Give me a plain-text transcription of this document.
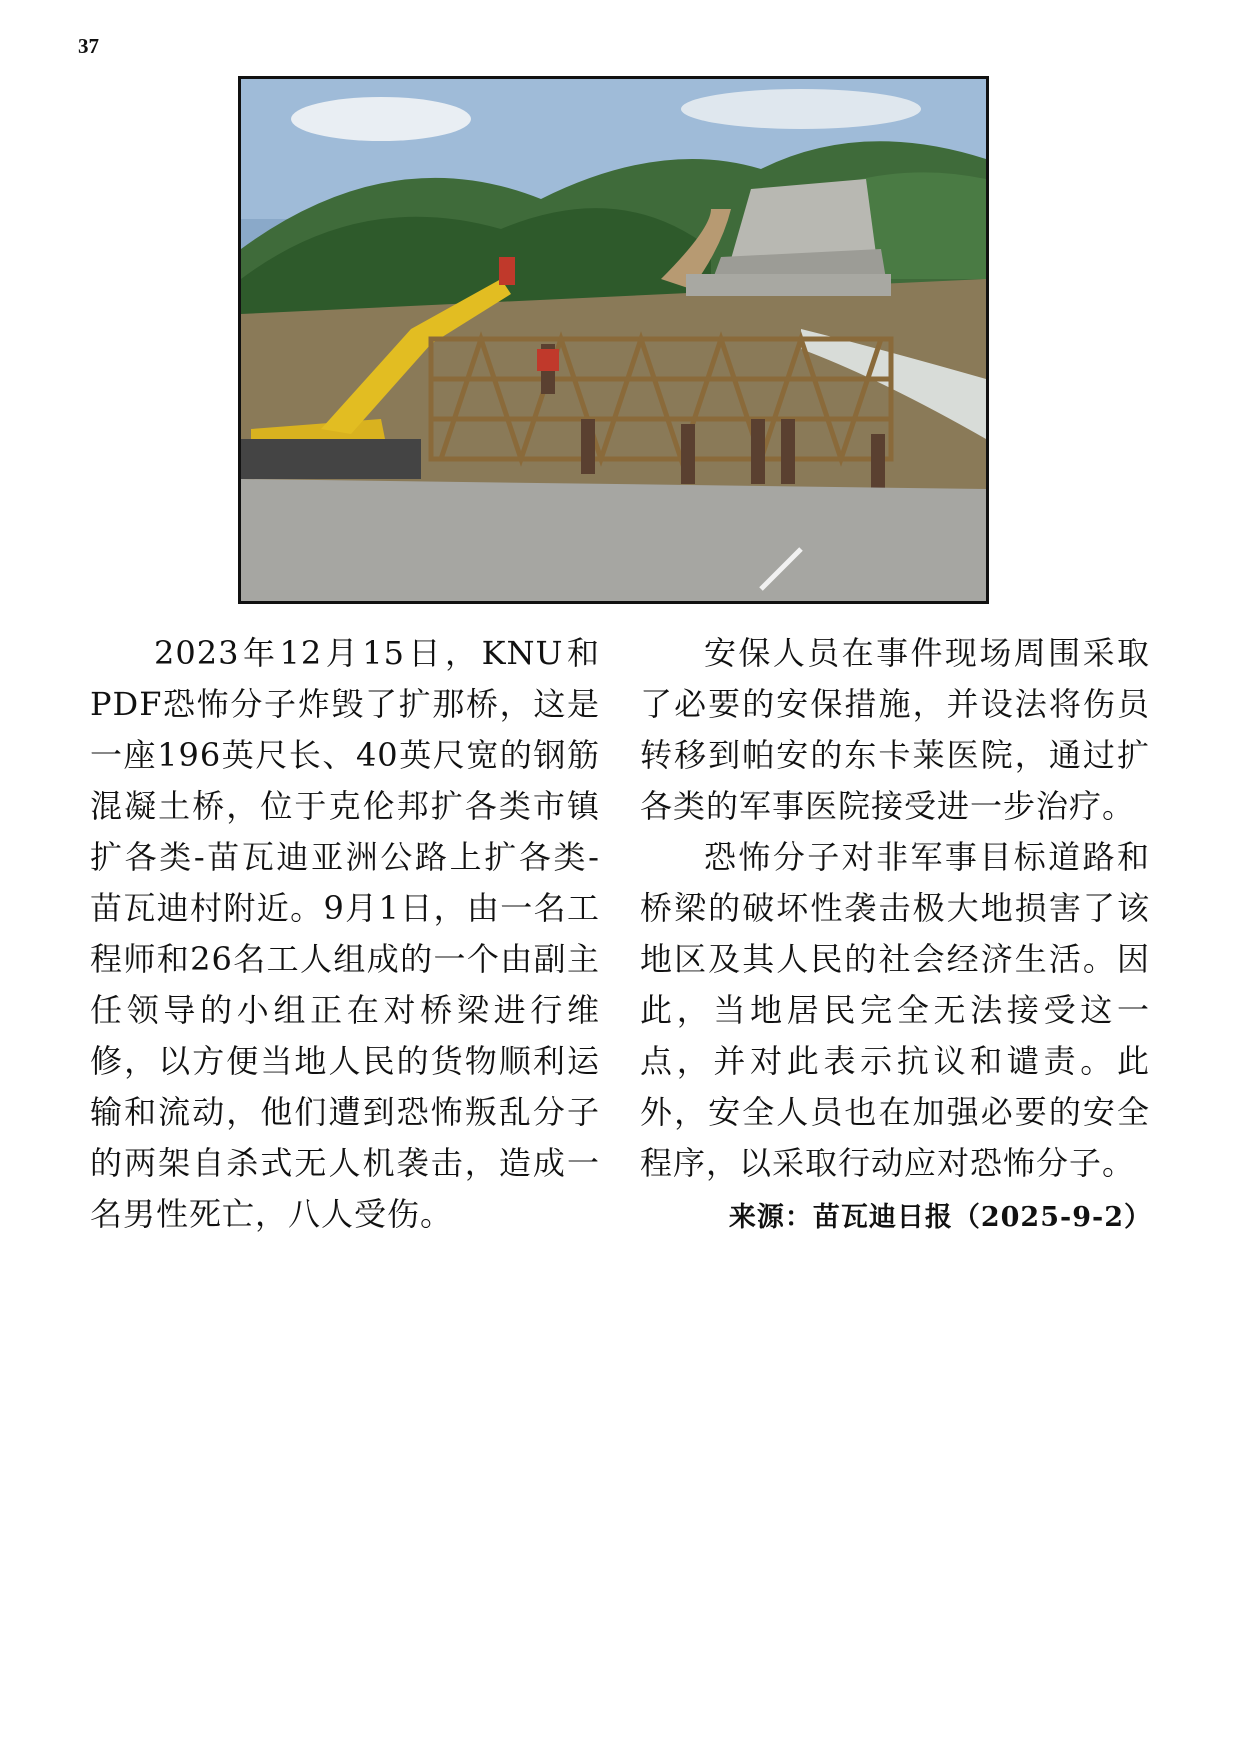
37

2023年12月15日，KNU和PDF恐怖分子炸毁了扩那桥，这是一座196英尺长、40英尺宽的钢筋混凝土桥，位于克伦邦扩各类市镇扩各类-苗瓦迪亚洲公路上扩各类-苗瓦迪村附近。9月1日，由一名工程师和26名工人组成的一个由副主任领导的小组正在对桥梁进行维修，以方便当地人民的货物顺利运输和流动，他们遭到恐怖叛乱分子的两架自杀式无人机袭击，造成一名男性死亡，八人受伤。

安保人员在事件现场周围采取了必要的安保措施，并设法将伤员转移到帕安的东卡莱医院，通过扩各类的军事医院接受进一步治疗。

恐怖分子对非军事目标道路和桥梁的破坏性袭击极大地损害了该地区及其人民的社会经济生活。因此，当地居民完全无法接受这一点，并对此表示抗议和谴责。此外，安全人员也在加强必要的安全程序，以采取行动应对恐怖分子。

来源：苗瓦迪日报（2025-9-2）
